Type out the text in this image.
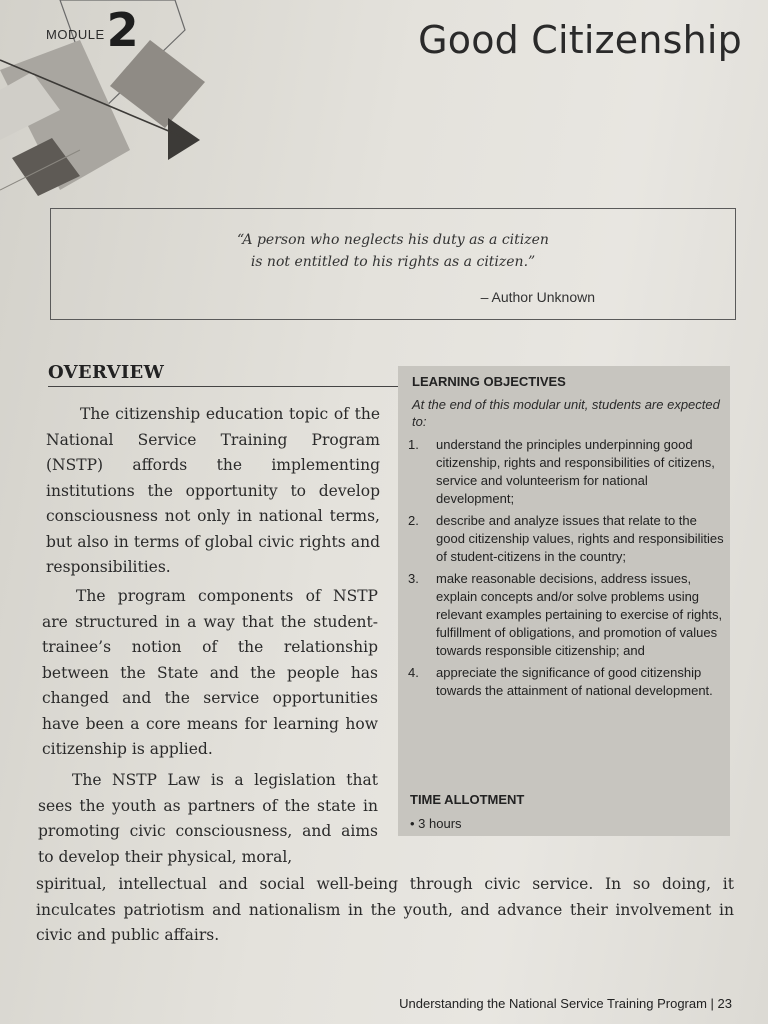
MODULE 2	Good Citizenship
“A person who neglects his duty as a citizen
is not entitled to his rights as a citizen.”
– Author Unknown
OVERVIEW

The citizenship education topic of the National Service Training Program (NSTP) affords the implementing institutions the opportunity to develop consciousness not only in national terms, but also in terms of global civic rights and responsibilities.

The program components of NSTP are structured in a way that the student-trainee’s notion of the relationship between the State and the people has changed and the service opportunities have been a core means for learning how citizenship is applied.

The NSTP Law is a legislation that sees the youth as partners of the state in promoting civic consciousness, and aims to develop their physical, moral,

spiritual, intellectual and social well-being through civic service. In so doing, it inculcates patriotism and nationalism in the youth, and advance their involvement in civic and public affairs.

LEARNING OBJECTIVES
At the end of this modular unit, students are expected to:
1.	understand the principles underpinning good citizenship, rights and responsibilities of citizens, service and volunteerism for national development;
2.	describe and analyze issues that relate to the good citizenship values, rights and responsibilities of student-citizens in the country;
3.	make reasonable decisions, address issues, explain concepts and/or solve problems using relevant examples pertaining to exercise of rights, fulfillment of obligations, and promotion of values towards responsible citizenship; and
4.	appreciate the significance of good citizenship towards the attainment of national development.
TIME ALLOTMENT
• 3 hours
Understanding the National Service Training Program | 23
